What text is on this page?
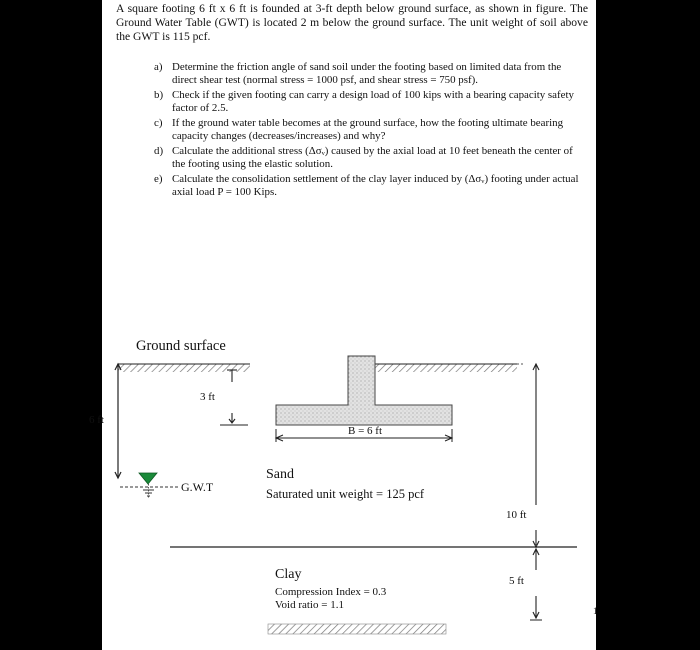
A square footing 6 ft x 6 ft is founded at 3-ft depth below ground surface, as shown in figure. The Ground Water Table (GWT) is located 2 m below the ground surface. The unit weight of soil above the GWT is 115 pcf.

a) Determine the friction angle of sand soil under the footing based on limited data from the direct shear test (normal stress = 1000 psf, and shear stress = 750 psf).
b) Check if the given footing can carry a design load of 100 kips with a bearing capacity safety factor of 2.5.
c) If the ground water table becomes at the ground surface, how the footing ultimate bearing capacity changes (decreases/increases) and why?
d) Calculate the additional stress (Δσᵥ) caused by the axial load at 10 feet beneath the center of the footing using the elastic solution.
e) Calculate the consolidation settlement of the clay layer induced by (Δσᵥ) footing under actual axial load P = 100 Kips.
Ground surface
3 ft
6 ft
B = 6 ft
G.W.T
Sand
Saturated unit weight = 125 pcf
10 ft
Clay
Compression Index = 0.3
Void ratio = 1.1
5 ft
1
